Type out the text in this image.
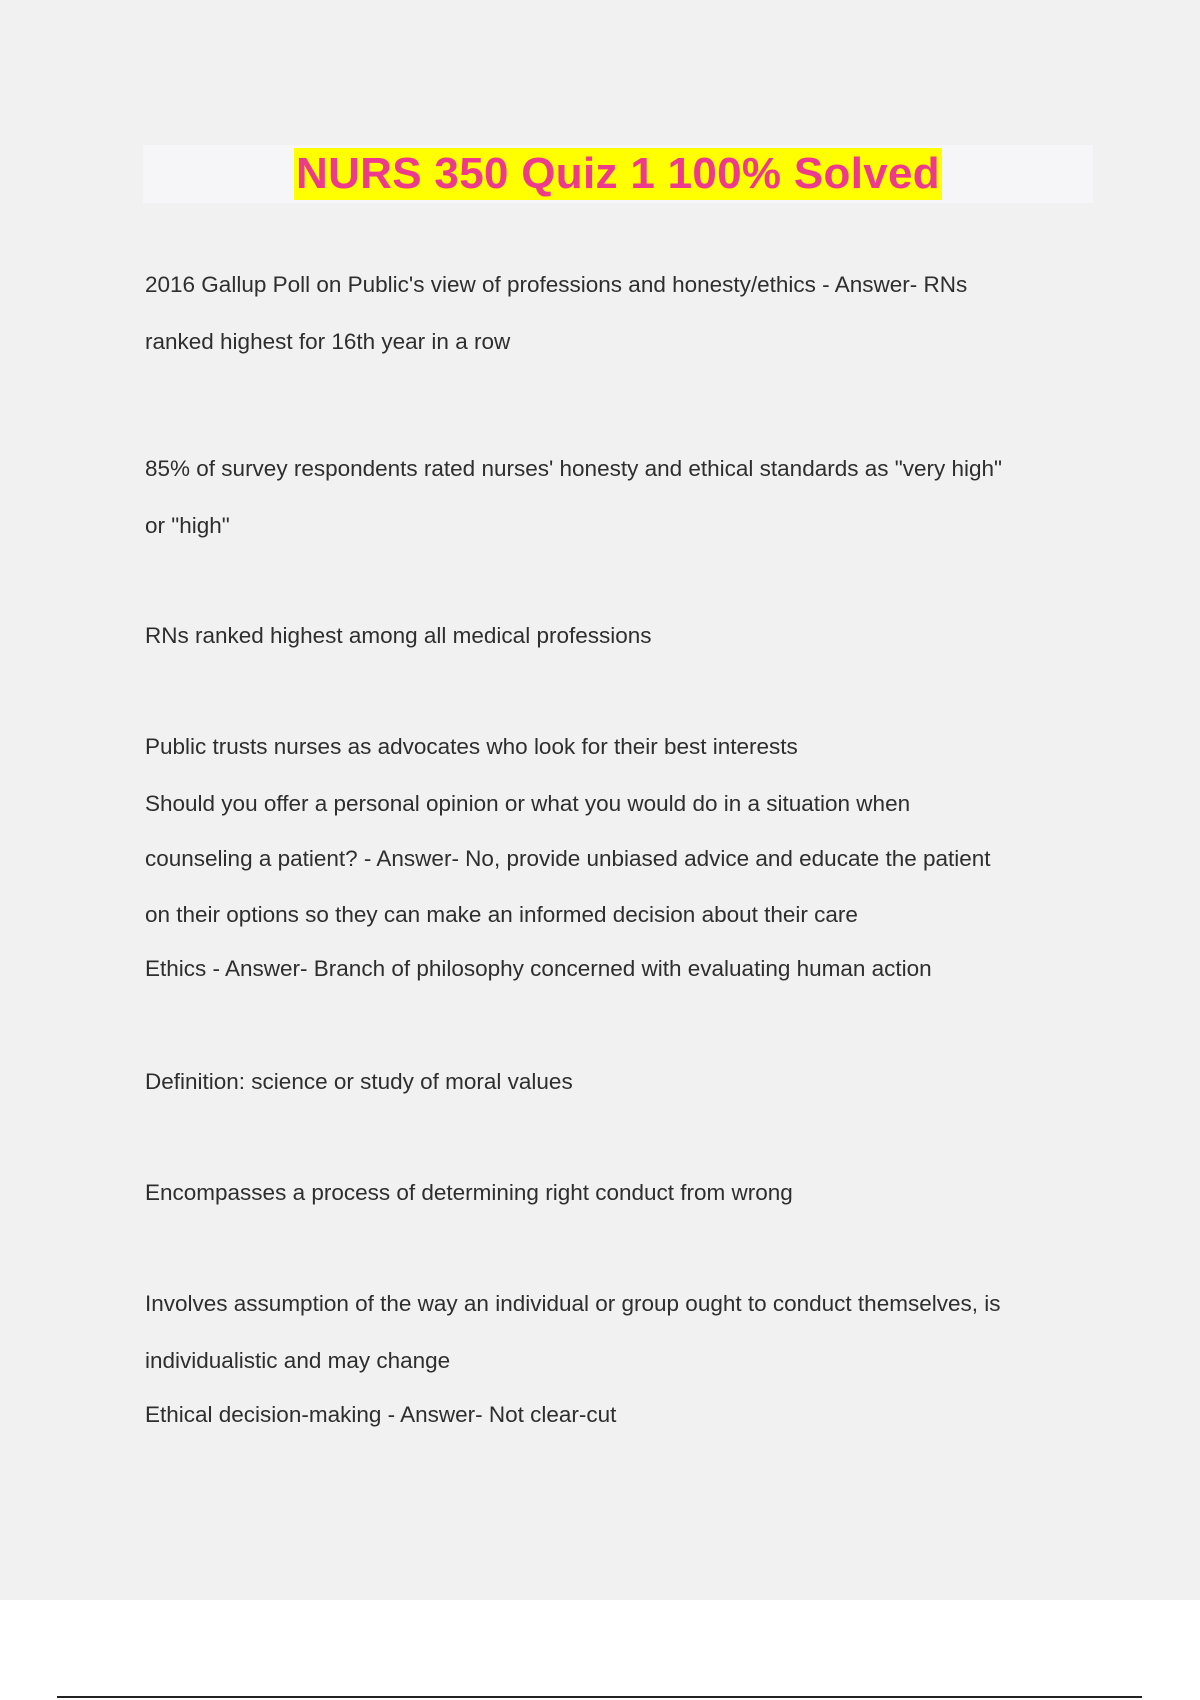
NURS 350 Quiz 1 100% Solved
2016 Gallup Poll on Public's view of professions and honesty/ethics - Answer- RNs
ranked highest for 16th year in a row
85% of survey respondents rated nurses' honesty and ethical standards as "very high"
or "high"
RNs ranked highest among all medical professions
Public trusts nurses as advocates who look for their best interests
Should you offer a personal opinion or what you would do in a situation when
counseling a patient? - Answer- No, provide unbiased advice and educate the patient
on their options so they can make an informed decision about their care
Ethics - Answer- Branch of philosophy concerned with evaluating human action
Definition: science or study of moral values
Encompasses a process of determining right conduct from wrong
Involves assumption of the way an individual or group ought to conduct themselves, is
individualistic and may change
Ethical decision-making - Answer- Not clear-cut
